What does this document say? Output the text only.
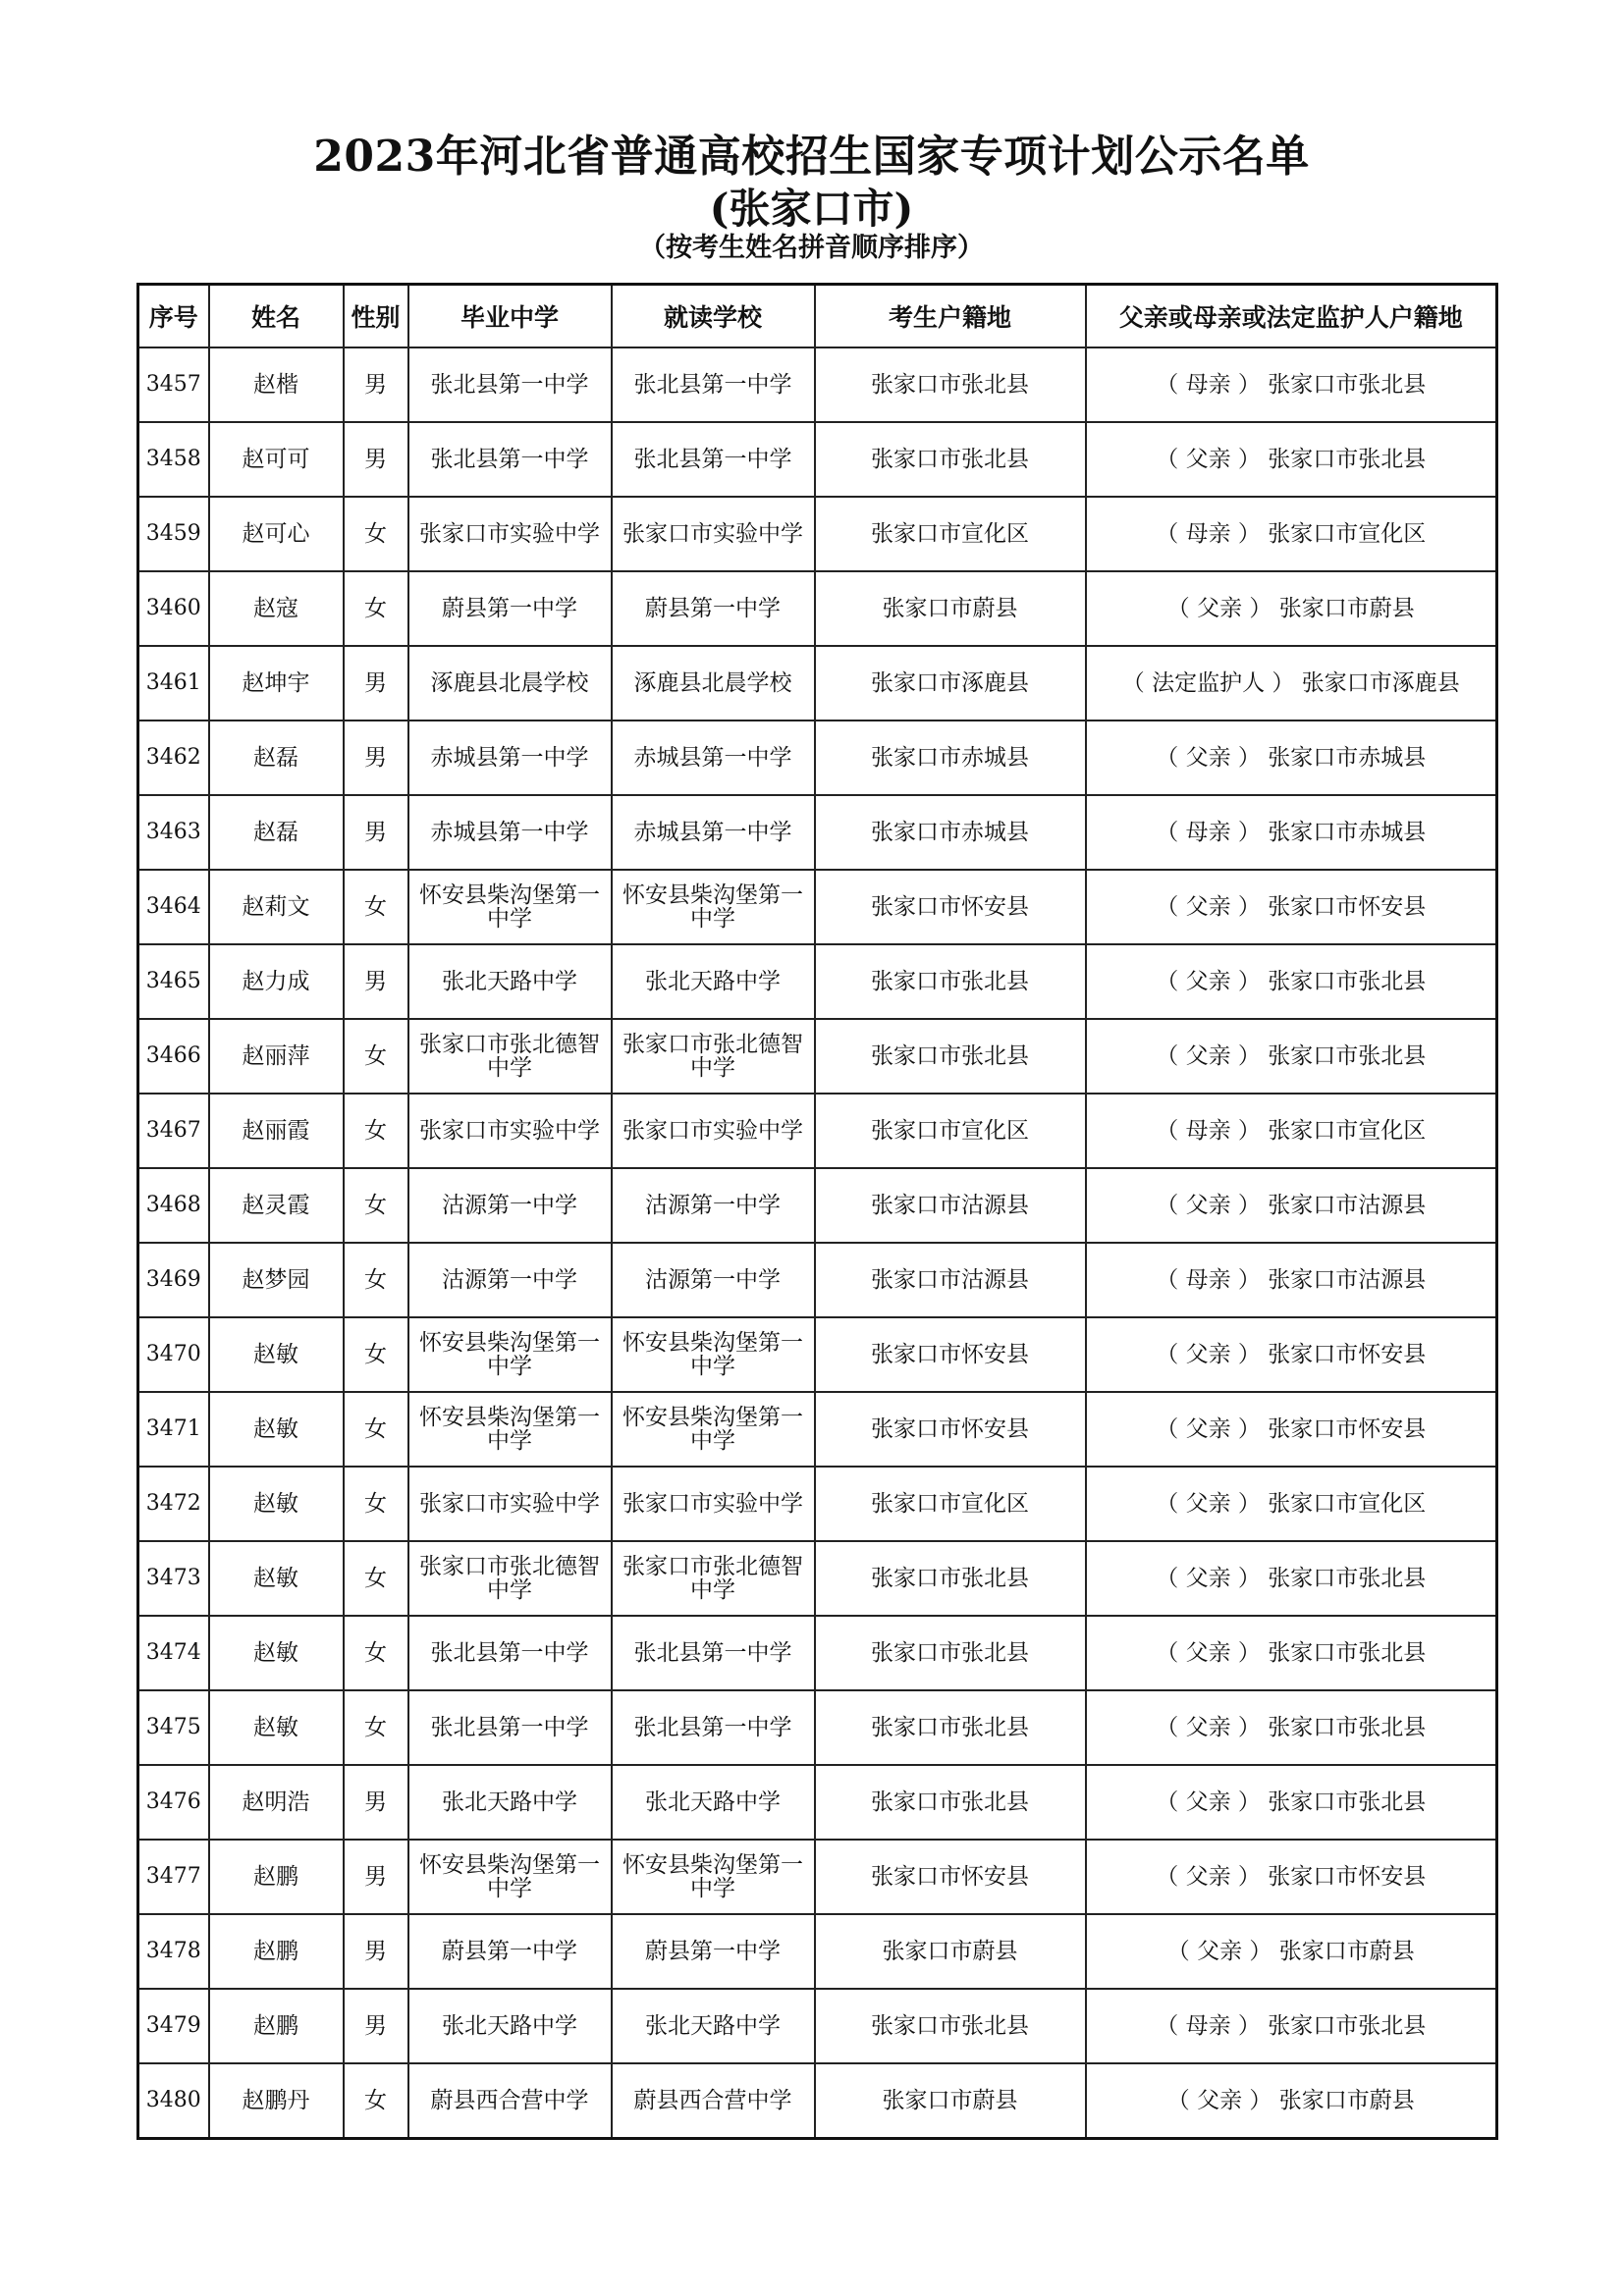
2023年河北省普通高校招生国家专项计划公示名单
(张家口市)
（按考生姓名拼音顺序排序）
序号	姓名	性别	毕业中学	就读学校	考生户籍地	父亲或母亲或法定监护人户籍地
3457	赵楷	男	张北县第一中学	张北县第一中学	张家口市张北县	（ 母亲 ） 张家口市张北县
3458	赵可可	男	张北县第一中学	张北县第一中学	张家口市张北县	（ 父亲 ） 张家口市张北县
3459	赵可心	女	张家口市实验中学	张家口市实验中学	张家口市宣化区	（ 母亲 ） 张家口市宣化区
3460	赵寇	女	蔚县第一中学	蔚县第一中学	张家口市蔚县	（ 父亲 ） 张家口市蔚县
3461	赵坤宇	男	涿鹿县北晨学校	涿鹿县北晨学校	张家口市涿鹿县	（ 法定监护人 ） 张家口市涿鹿县
3462	赵磊	男	赤城县第一中学	赤城县第一中学	张家口市赤城县	（ 父亲 ） 张家口市赤城县
3463	赵磊	男	赤城县第一中学	赤城县第一中学	张家口市赤城县	（ 母亲 ） 张家口市赤城县
3464	赵莉文	女	怀安县柴沟堡第一中学	怀安县柴沟堡第一中学	张家口市怀安县	（ 父亲 ） 张家口市怀安县
3465	赵力成	男	张北天路中学	张北天路中学	张家口市张北县	（ 父亲 ） 张家口市张北县
3466	赵丽萍	女	张家口市张北德智中学	张家口市张北德智中学	张家口市张北县	（ 父亲 ） 张家口市张北县
3467	赵丽霞	女	张家口市实验中学	张家口市实验中学	张家口市宣化区	（ 母亲 ） 张家口市宣化区
3468	赵灵霞	女	沽源第一中学	沽源第一中学	张家口市沽源县	（ 父亲 ） 张家口市沽源县
3469	赵梦园	女	沽源第一中学	沽源第一中学	张家口市沽源县	（ 母亲 ） 张家口市沽源县
3470	赵敏	女	怀安县柴沟堡第一中学	怀安县柴沟堡第一中学	张家口市怀安县	（ 父亲 ） 张家口市怀安县
3471	赵敏	女	怀安县柴沟堡第一中学	怀安县柴沟堡第一中学	张家口市怀安县	（ 父亲 ） 张家口市怀安县
3472	赵敏	女	张家口市实验中学	张家口市实验中学	张家口市宣化区	（ 父亲 ） 张家口市宣化区
3473	赵敏	女	张家口市张北德智中学	张家口市张北德智中学	张家口市张北县	（ 父亲 ） 张家口市张北县
3474	赵敏	女	张北县第一中学	张北县第一中学	张家口市张北县	（ 父亲 ） 张家口市张北县
3475	赵敏	女	张北县第一中学	张北县第一中学	张家口市张北县	（ 父亲 ） 张家口市张北县
3476	赵明浩	男	张北天路中学	张北天路中学	张家口市张北县	（ 父亲 ） 张家口市张北县
3477	赵鹏	男	怀安县柴沟堡第一中学	怀安县柴沟堡第一中学	张家口市怀安县	（ 父亲 ） 张家口市怀安县
3478	赵鹏	男	蔚县第一中学	蔚县第一中学	张家口市蔚县	（ 父亲 ） 张家口市蔚县
3479	赵鹏	男	张北天路中学	张北天路中学	张家口市张北县	（ 母亲 ） 张家口市张北县
3480	赵鹏丹	女	蔚县西合营中学	蔚县西合营中学	张家口市蔚县	（ 父亲 ） 张家口市蔚县
